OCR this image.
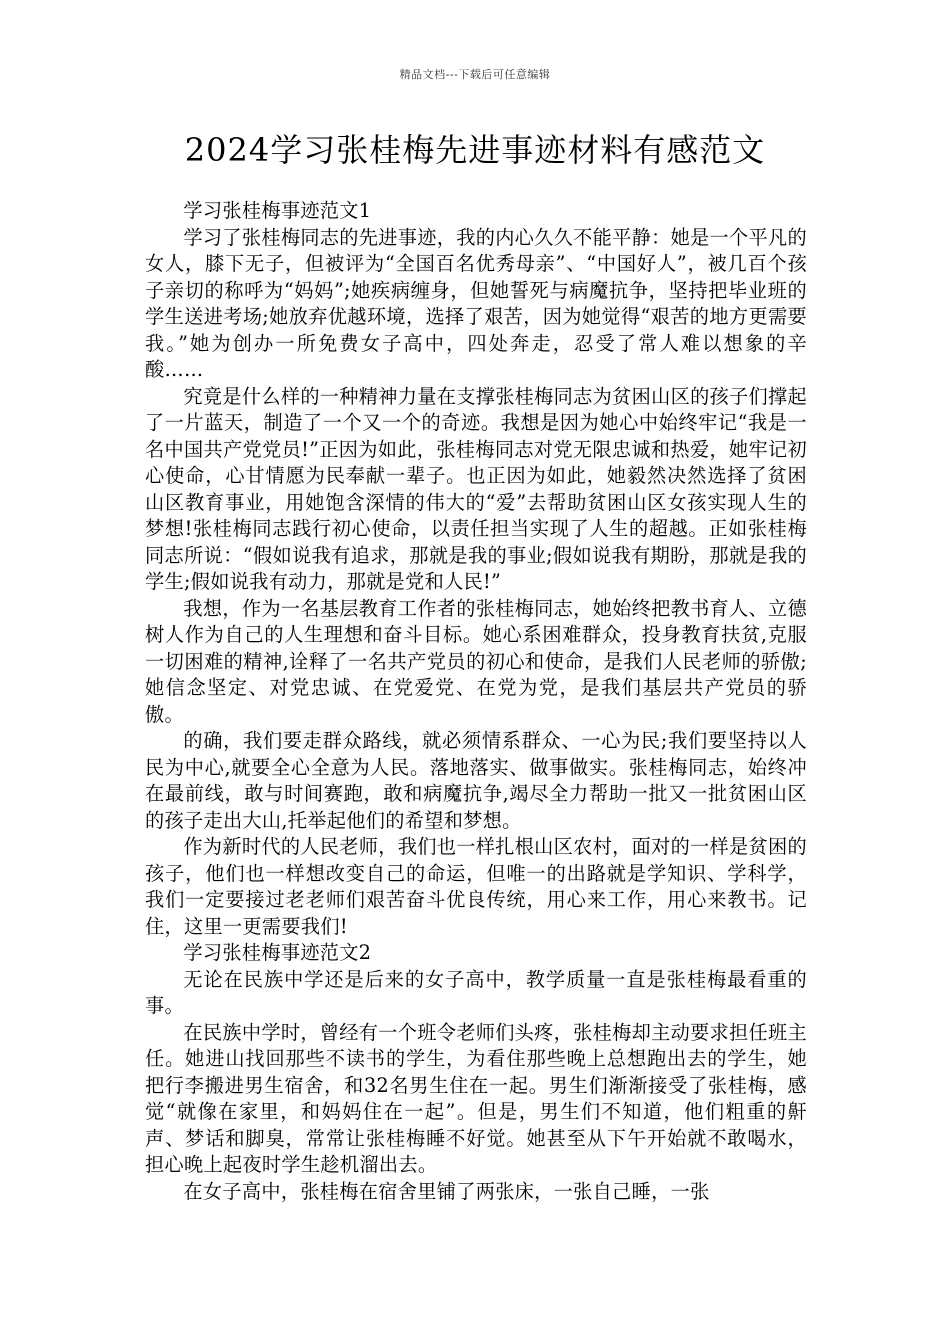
精品文档---下载后可任意编辑
2024学习张桂梅先进事迹材料有感范文

学习张桂梅事迹范文1

学习了张桂梅同志的先进事迹，我的内心久久不能平静：她是一个平凡的女人，膝下无子，但被评为“全国百名优秀母亲”、“中国好人”，被几百个孩子亲切的称呼为“妈妈”;她疾病缠身，但她誓死与病魔抗争，坚持把毕业班的学生送进考场;她放弃优越环境，选择了艰苦，因为她觉得“艰苦的地方更需要我。”她为创办一所免费女子高中，四处奔走，忍受了常人难以想象的辛酸……

究竟是什么样的一种精神力量在支撑张桂梅同志为贫困山区的孩子们撑起了一片蓝天，制造了一个又一个的奇迹。我想是因为她心中始终牢记“我是一名中国共产党党员!”正因为如此，张桂梅同志对党无限忠诚和热爱，她牢记初心使命，心甘情愿为民奉献一辈子。也正因为如此，她毅然决然选择了贫困山区教育事业，用她饱含深情的伟大的“爱”去帮助贫困山区女孩实现人生的梦想!张桂梅同志践行初心使命，以责任担当实现了人生的超越。正如张桂梅同志所说：“假如说我有追求，那就是我的事业;假如说我有期盼，那就是我的学生;假如说我有动力，那就是党和人民!”

我想，作为一名基层教育工作者的张桂梅同志，她始终把教书育人、立德树人作为自己的人生理想和奋斗目标。她心系困难群众，投身教育扶贫,克服一切困难的精神,诠释了一名共产党员的初心和使命，是我们人民老师的骄傲;她信念坚定、对党忠诚、在党爱党、在党为党，是我们基层共产党员的骄傲。

的确，我们要走群众路线，就必须情系群众、一心为民;我们要坚持以人民为中心,就要全心全意为人民。落地落实、做事做实。张桂梅同志，始终冲在最前线，敢与时间赛跑，敢和病魔抗争,竭尽全力帮助一批又一批贫困山区的孩子走出大山,托举起他们的希望和梦想。

作为新时代的人民老师，我们也一样扎根山区农村，面对的一样是贫困的孩子，他们也一样想改变自己的命运，但唯一的出路就是学知识、学科学，我们一定要接过老老师们艰苦奋斗优良传统，用心来工作，用心来教书。记住，这里一更需要我们!

学习张桂梅事迹范文2

无论在民族中学还是后来的女子高中，教学质量一直是张桂梅最看重的事。

在民族中学时，曾经有一个班令老师们头疼，张桂梅却主动要求担任班主任。她进山找回那些不读书的学生，为看住那些晚上总想跑出去的学生，她把行李搬进男生宿舍，和32名男生住在一起。男生们渐渐接受了张桂梅，感觉“就像在家里，和妈妈住在一起”。但是，男生们不知道，他们粗重的鼾声、梦话和脚臭，常常让张桂梅睡不好觉。她甚至从下午开始就不敢喝水，担心晚上起夜时学生趁机溜出去。

在女子高中，张桂梅在宿舍里铺了两张床，一张自己睡，一张
